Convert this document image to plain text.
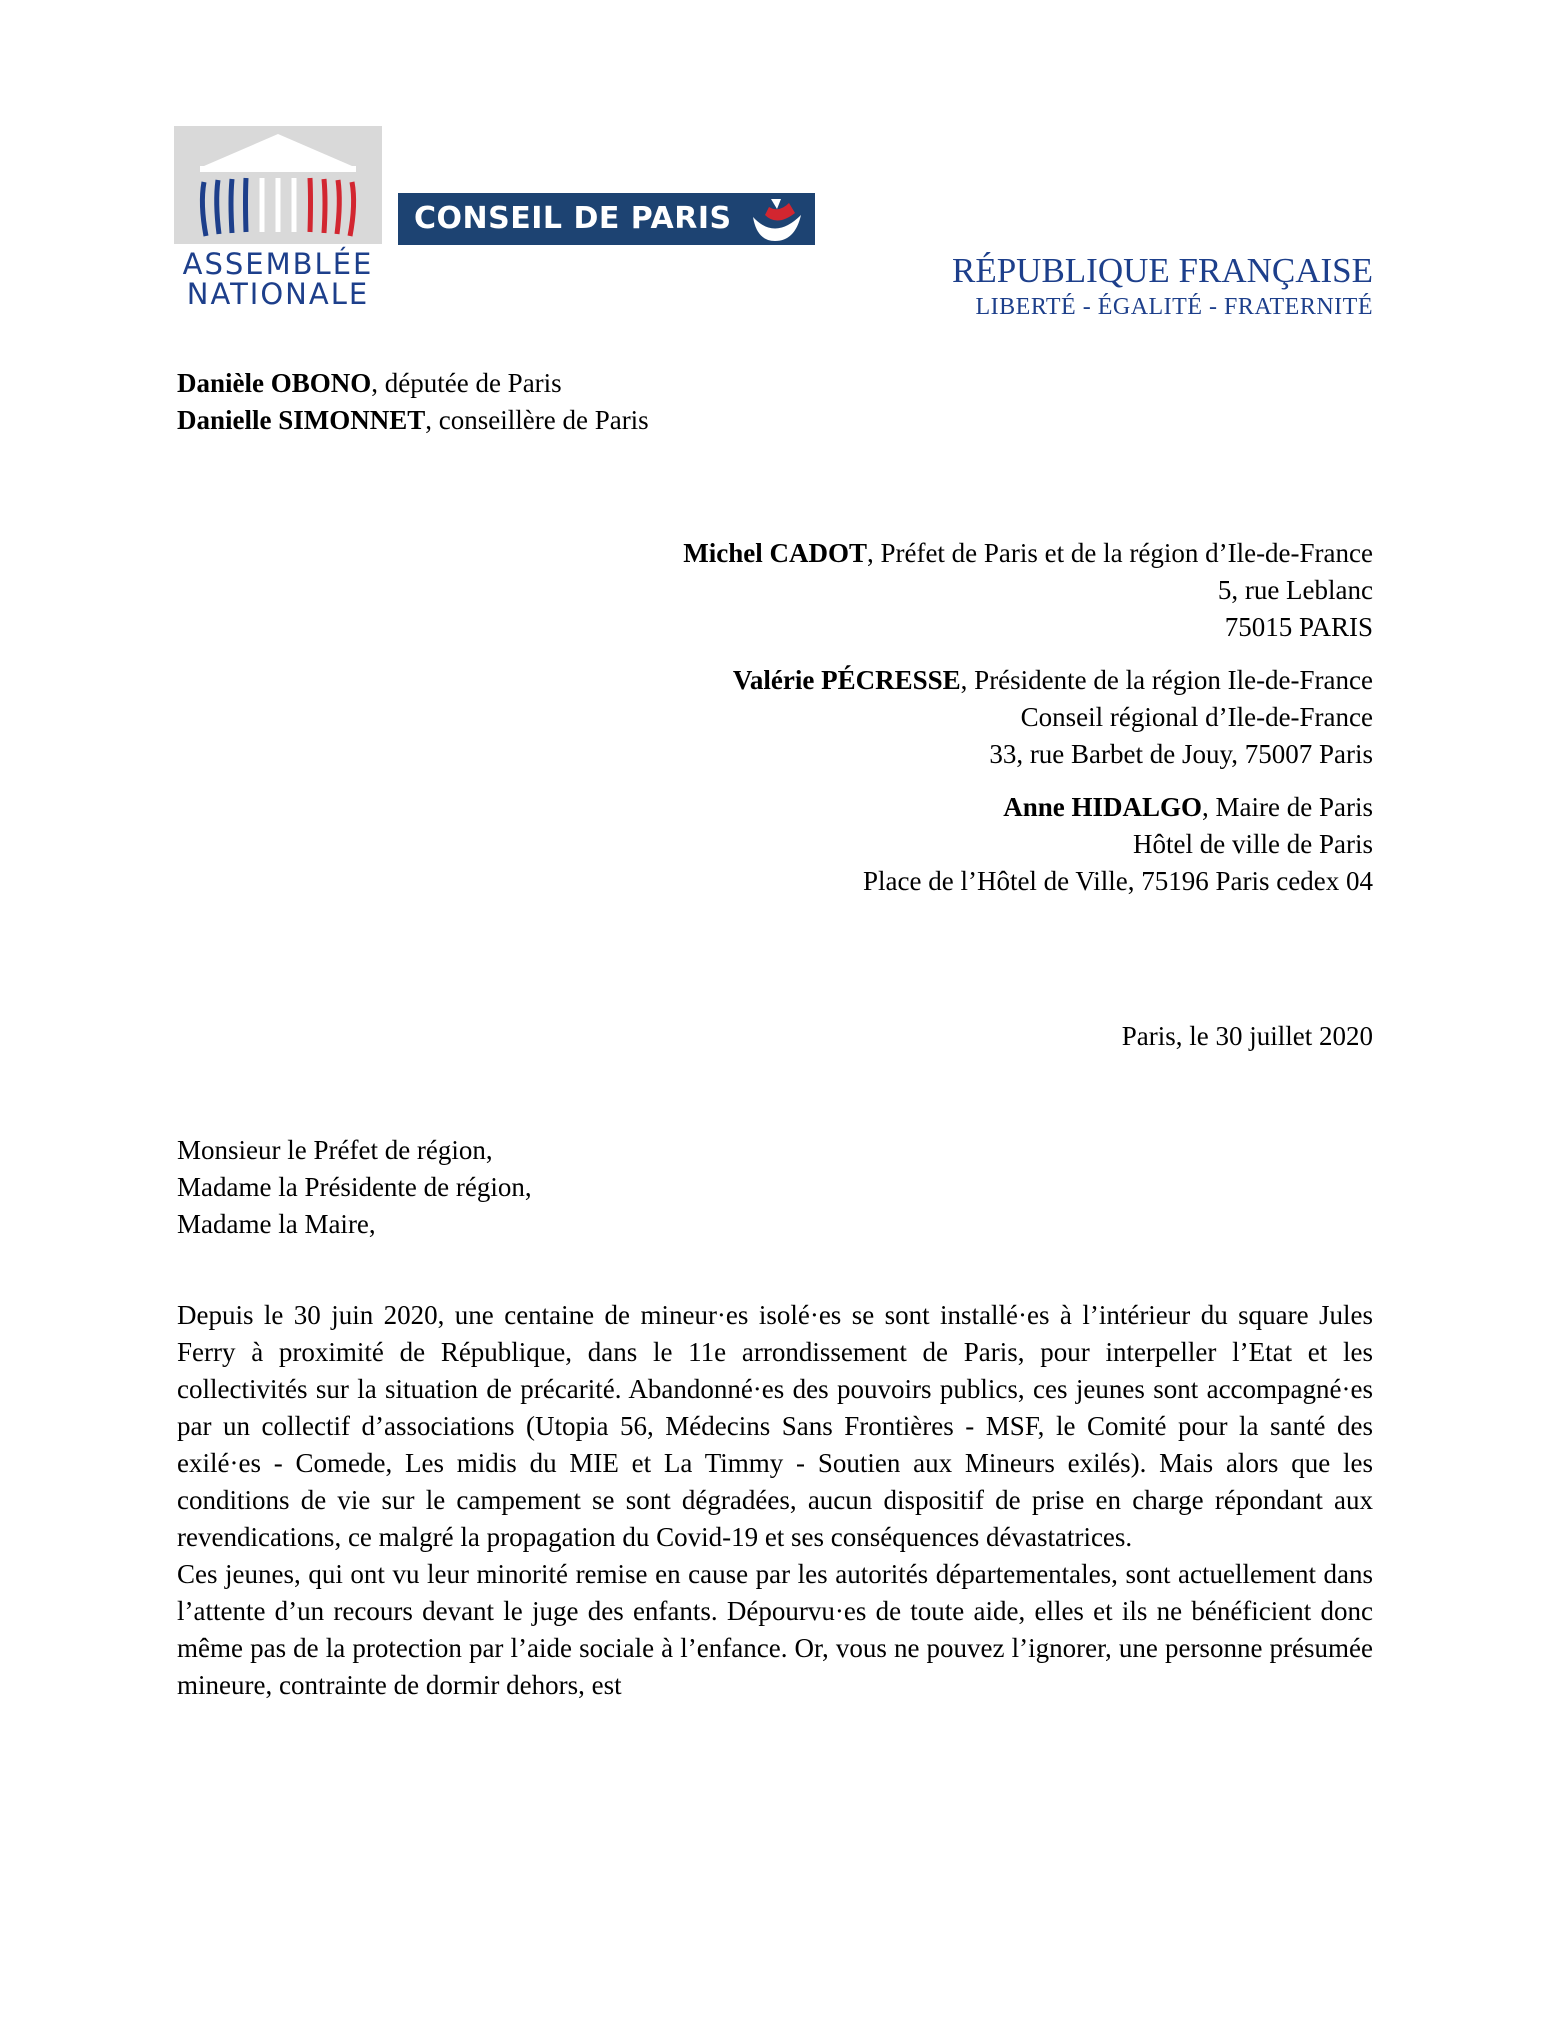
ASSEMBLÉE
NATIONALE
CONSEIL DE PARIS
RÉPUBLIQUE FRANÇAISE
LIBERTÉ - ÉGALITÉ - FRATERNITÉ
Danièle OBONO, députée de Paris
Danielle SIMONNET, conseillère de Paris
Michel CADOT, Préfet de Paris et de la région d’Ile-de-France
5, rue Leblanc
75015 PARIS
Valérie PÉCRESSE, Présidente de la région Ile-de-France
Conseil régional d’Ile-de-France
33, rue Barbet de Jouy, 75007 Paris
Anne HIDALGO, Maire de Paris
Hôtel de ville de Paris
Place de l’Hôtel de Ville, 75196 Paris cedex 04
Paris, le 30 juillet 2020
Monsieur le Préfet de région,
Madame la Présidente de région,
Madame la Maire,

Depuis le 30 juin 2020, une centaine de mineur·es isolé·es se sont installé·es à l’intérieur du square Jules Ferry à proximité de République, dans le 11e arrondissement de Paris, pour interpeller l’Etat et les collectivités sur la situation de précarité. Abandonné·es des pouvoirs publics, ces jeunes sont accompagné·es par un collectif d’associations (Utopia 56, Médecins Sans Frontières - MSF, le Comité pour la santé des exilé·es - Comede, Les midis du MIE et La Timmy - Soutien aux Mineurs exilés). Mais alors que les conditions de vie sur le campement se sont dégradées, aucun dispositif de prise en charge répondant aux revendications, ce malgré la propagation du Covid-19 et ses conséquences dévastatrices.

Ces jeunes, qui ont vu leur minorité remise en cause par les autorités départementales, sont actuellement dans l’attente d’un recours devant le juge des enfants. Dépourvu·es de toute aide, elles et ils ne bénéficient donc même pas de la protection par l’aide sociale à l’enfance. Or, vous ne pouvez l’ignorer, une personne présumée mineure, contrainte de dormir dehors, est
